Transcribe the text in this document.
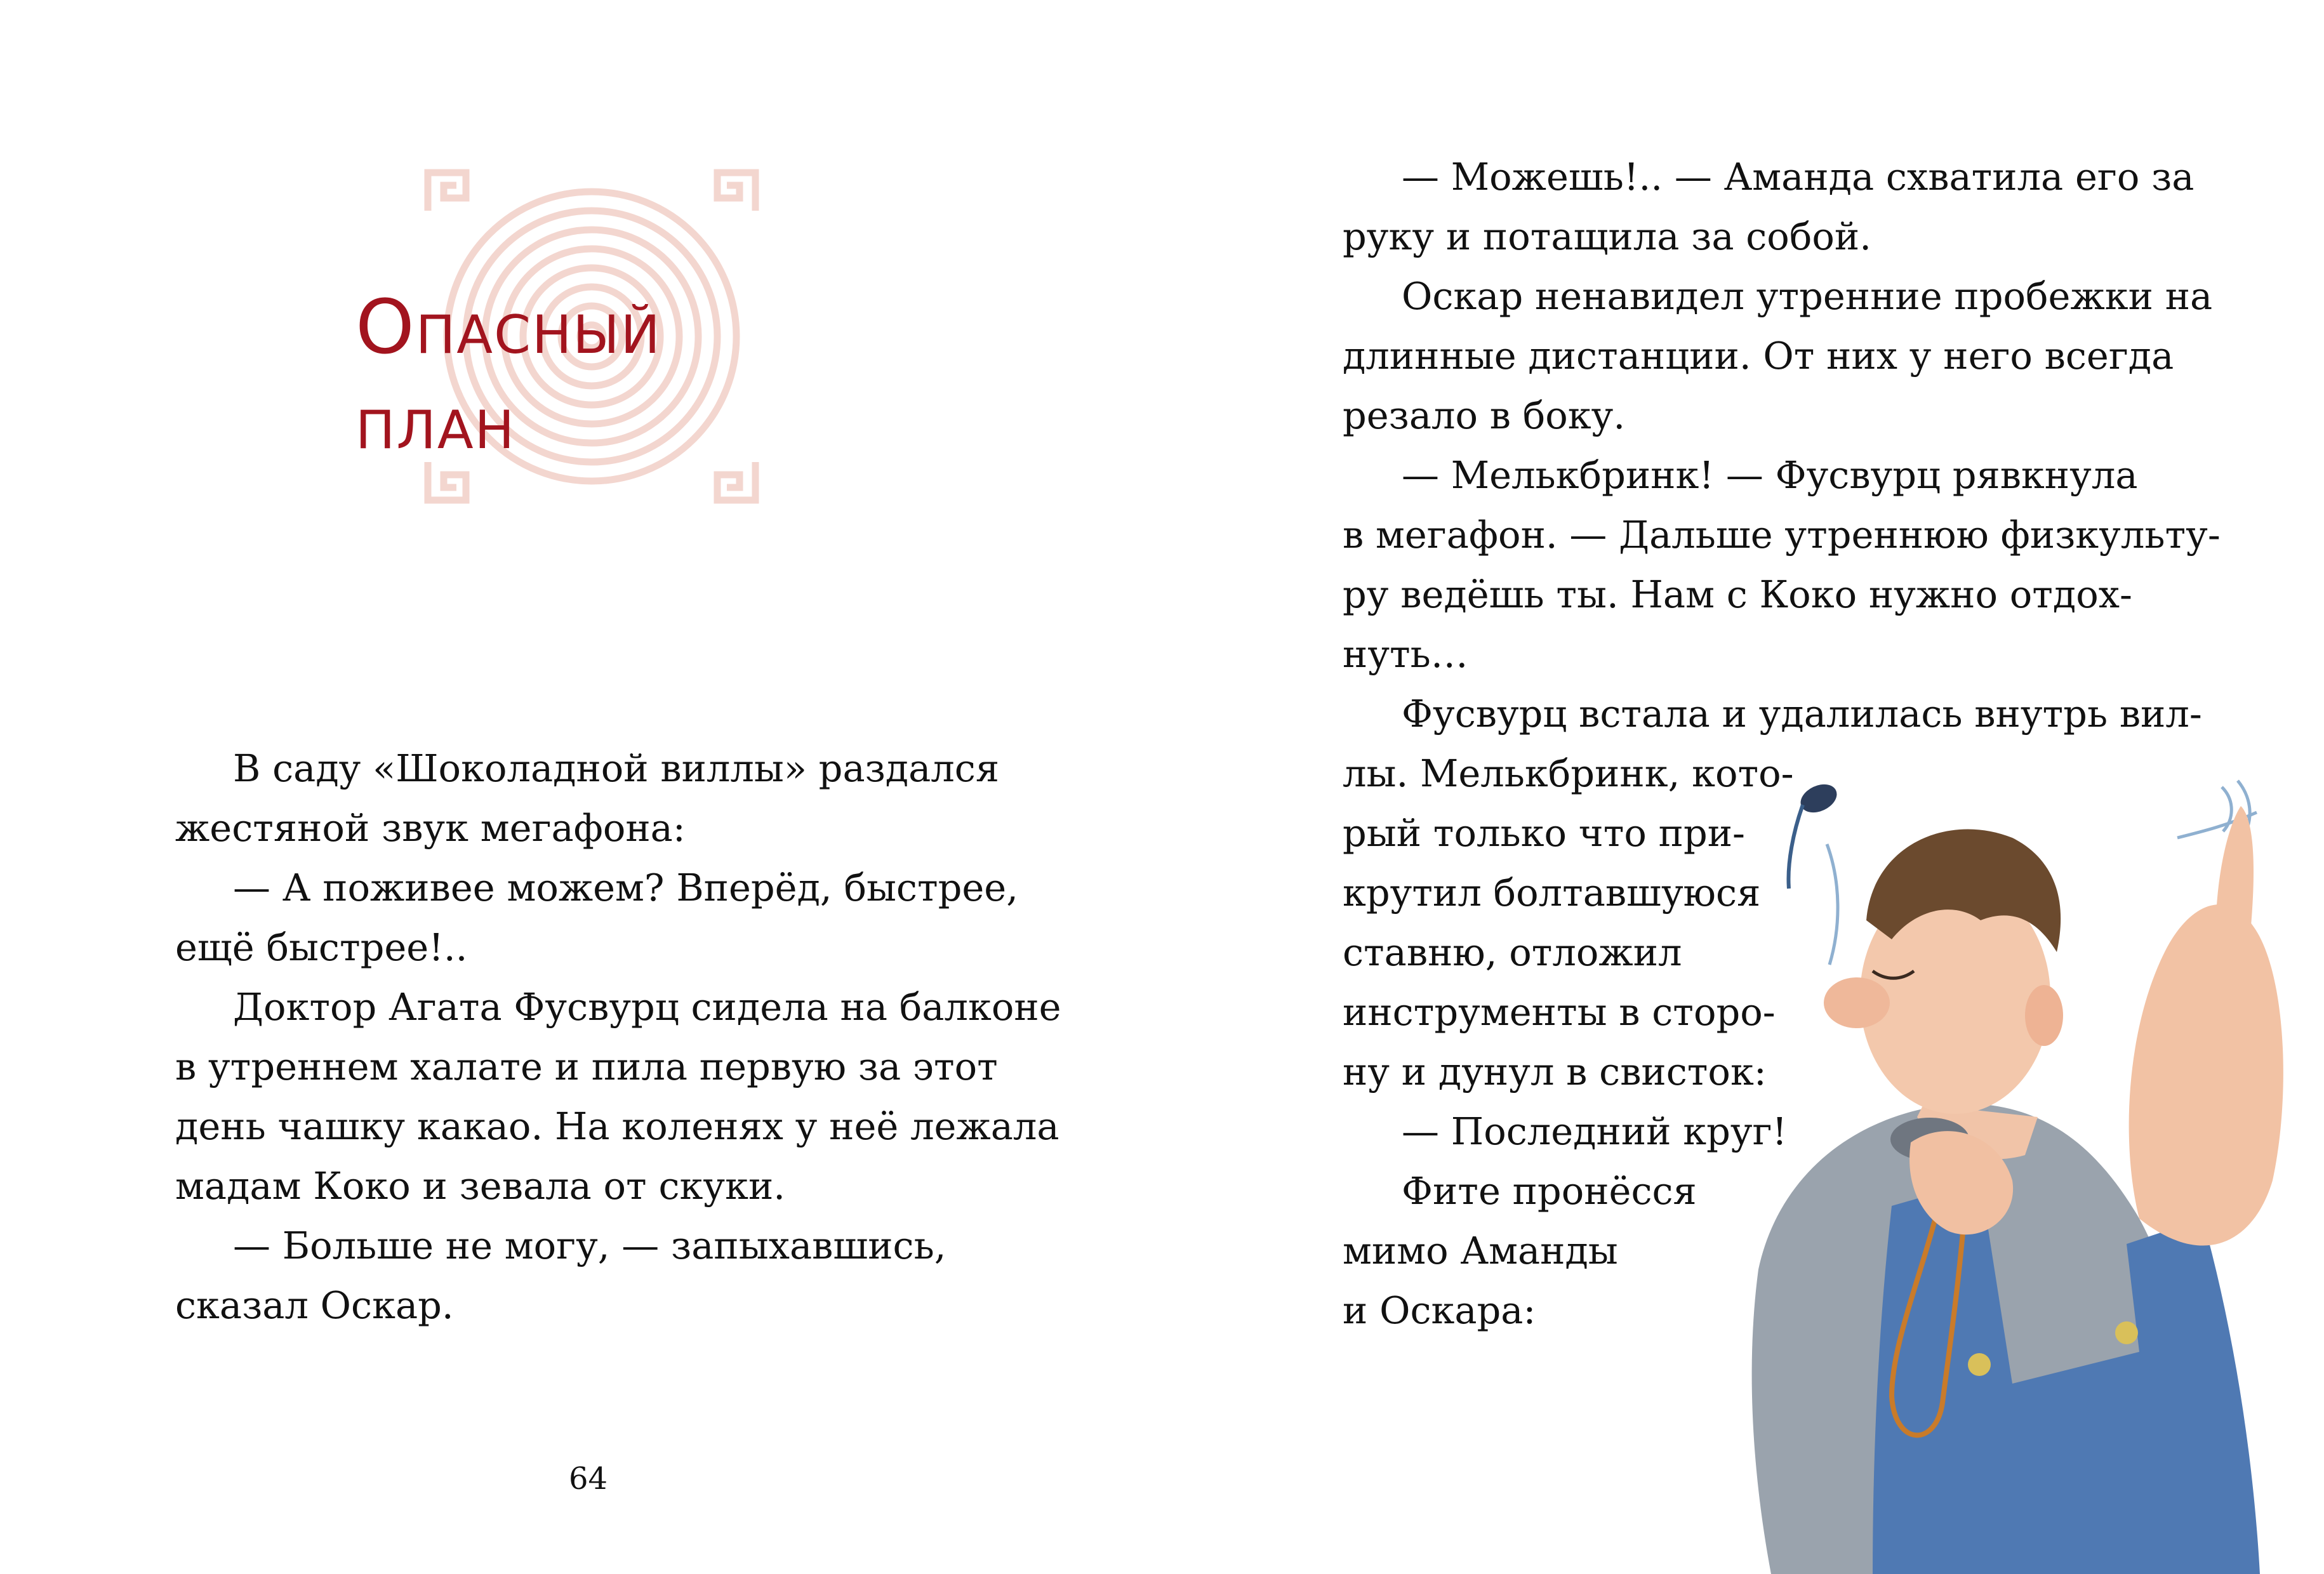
Опасный план

В саду «Шоколадной виллы» раздался

жестяной звук мегафона:

— А поживее можем? Вперёд, быстрее,

ещё быстрее!..

Доктор Агата Фусвурц сидела на балконе

в утреннем халате и пила первую за этот

день чашку какао. На коленях у неё лежала

мадам Коко и зевала от скуки.

— Больше не могу, — запыхавшись,

сказал Оскар.

64

— Можешь!.. — Аманда схватила его за

руку и потащила за собой.

Оскар ненавидел утренние пробежки на

длинные дистанции. От них у него всегда

резало в боку.

— Мелькбринк! — Фусвурц рявкнула

в мегафон. — Дальше утреннюю физкульту-

ру ведёшь ты. Нам с Коко нужно отдох-

нуть…

Фусвурц встала и удалилась внутрь вил-

лы. Мелькбринк, кото-

рый только что при-

крутил болтавшуюся

ставню, отложил

инструменты в сторо-

ну и дунул в свисток:

— Последний круг!

Фите пронёсся

мимо Аманды

и Оскара:
